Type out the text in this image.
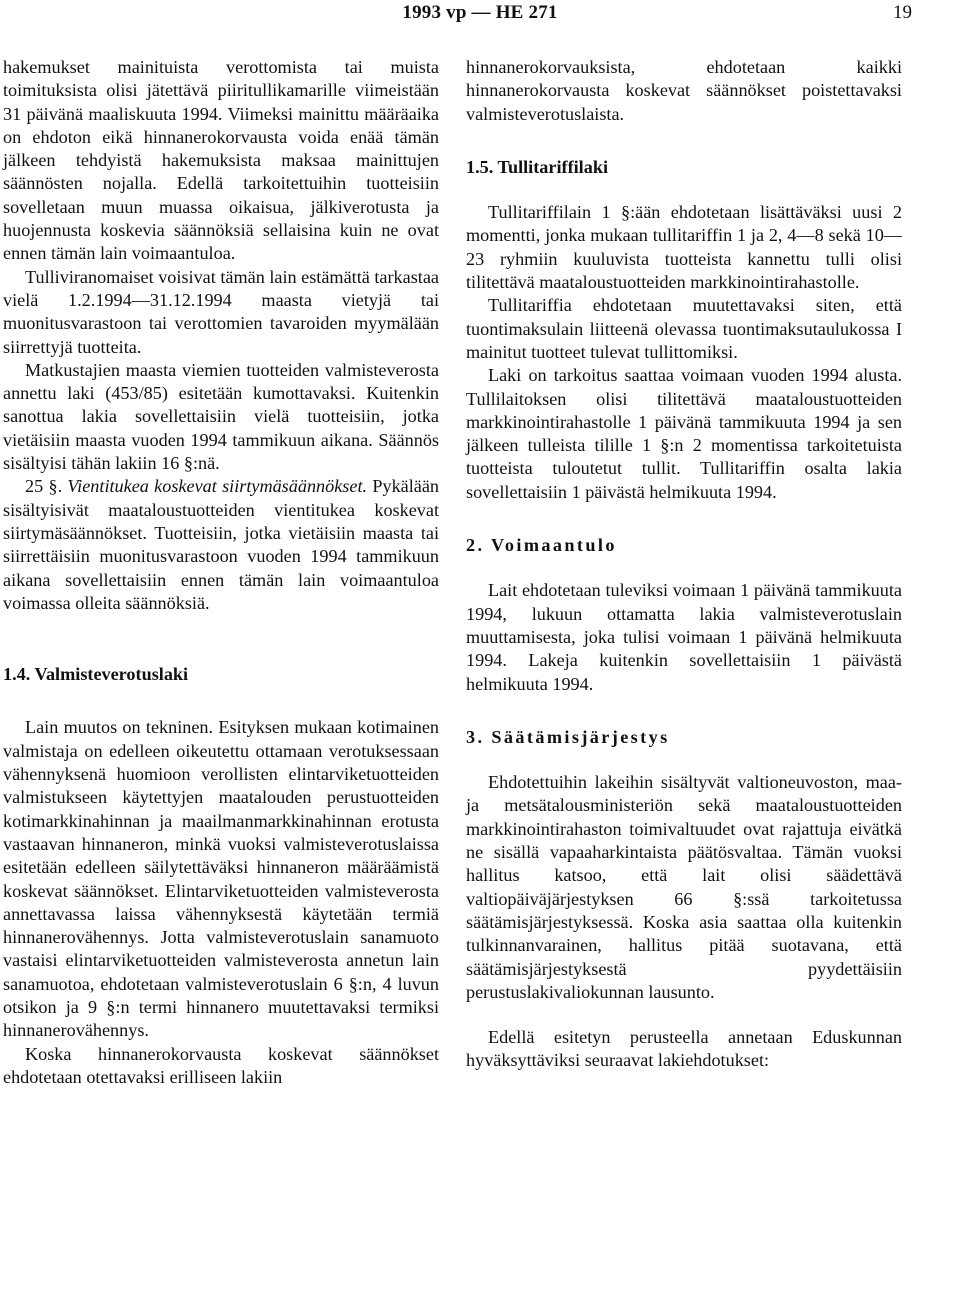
1993 vp — HE 271	19

hakemukset mainituista verottomista tai muista toimituksista olisi jätettävä piiritullikamarille viimeistään 31 päivänä maaliskuuta 1994. Viimeksi mainittu määräaika on ehdoton eikä hinnanerokorvausta voida enää tämän jälkeen tehdyistä hakemuksista maksaa mainittujen säännösten nojalla. Edellä tarkoitettuihin tuotteisiin sovelletaan muun muassa oikaisua, jälkiverotusta ja huojennusta koskevia säännöksiä sellaisina kuin ne ovat ennen tämän lain voimaantuloa.

Tulliviranomaiset voisivat tämän lain estämättä tarkastaa vielä 1.2.1994—31.12.1994 maasta vietyjä tai muonitusvarastoon tai verottomien tavaroiden myymälään siirrettyjä tuotteita.

Matkustajien maasta viemien tuotteiden valmisteverosta annettu laki (453/85) esitetään kumottavaksi. Kuitenkin sanottua lakia sovellettaisiin vielä tuotteisiin, jotka vietäisiin maasta vuoden 1994 tammikuun aikana. Säännös sisältyisi tähän lakiin 16 §:nä.

25 §. Vientitukea koskevat siirtymäsäännökset. Pykälään sisältyisivät maataloustuotteiden vientitukea koskevat siirtymäsäännökset. Tuotteisiin, jotka vietäisiin maasta tai siirrettäisiin muonitusvarastoon vuoden 1994 tammikuun aikana sovellettaisiin ennen tämän lain voimaantuloa voimassa olleita säännöksiä.

1.4. Valmisteverotuslaki

Lain muutos on tekninen. Esityksen mukaan kotimainen valmistaja on edelleen oikeutettu ottamaan verotuksessaan vähennyksenä huomioon verollisten elintarviketuotteiden valmistukseen käytettyjen maatalouden perustuotteiden kotimarkkinahinnan ja maailmanmarkkinahinnan erotusta vastaavan hinnaneron, minkä vuoksi valmisteverotuslaissa esitetään edelleen säilytettäväksi hinnaneron määräämistä koskevat säännökset. Elintarviketuotteiden valmisteverosta annettavassa laissa vähennyksestä käytetään termiä hinnanerovähennys. Jotta valmisteverotuslain sanamuoto vastaisi elintarviketuotteiden valmisteverosta annetun lain sanamuotoa, ehdotetaan valmisteverotuslain 6 §:n, 4 luvun otsikon ja 9 §:n termi hinnanero muutettavaksi termiksi hinnanerovähennys.

Koska hinnanerokorvausta koskevat säännökset ehdotetaan otettavaksi erilliseen lakiin

hinnanerokorvauksista, ehdotetaan kaikki hinnanerokorvausta koskevat säännökset poistettavaksi valmisteverotuslaista.

1.5. Tullitariffilaki

Tullitariffilain 1 §:ään ehdotetaan lisättäväksi uusi 2 momentti, jonka mukaan tullitariffin 1 ja 2, 4—8 sekä 10—23 ryhmiin kuuluvista tuotteista kannettu tulli olisi tilitettävä maataloustuotteiden markkinointirahastolle.

Tullitariffia ehdotetaan muutettavaksi siten, että tuontimaksulain liitteenä olevassa tuontimaksutaulukossa I mainitut tuotteet tulevat tullittomiksi.

Laki on tarkoitus saattaa voimaan vuoden 1994 alusta. Tullilaitoksen olisi tilitettävä maataloustuotteiden markkinointirahastolle 1 päivänä tammikuuta 1994 ja sen jälkeen tulleista tilille 1 §:n 2 momentissa tarkoitetuista tuotteista tuloutetut tullit. Tullitariffin osalta lakia sovellettaisiin 1 päivästä helmikuuta 1994.

2. Voimaantulo

Lait ehdotetaan tuleviksi voimaan 1 päivänä tammikuuta 1994, lukuun ottamatta lakia valmisteverotuslain muuttamisesta, joka tulisi voimaan 1 päivänä helmikuuta 1994. Lakeja kuitenkin sovellettaisiin 1 päivästä helmikuuta 1994.

3. Säätämisjärjestys

Ehdotettuihin lakeihin sisältyvät valtioneuvoston, maa- ja metsätalousministeriön sekä maataloustuotteiden markkinointirahaston toimivaltuudet ovat rajattuja eivätkä ne sisällä vapaaharkintaista päätösvaltaa. Tämän vuoksi hallitus katsoo, että lait olisi säädettävä valtiopäiväjärjestyksen 66 §:ssä tarkoitetussa säätämisjärjestyksessä. Koska asia saattaa olla kuitenkin tulkinnanvarainen, hallitus pitää suotavana, että säätämisjärjestyksestä pyydettäisiin perustuslakivaliokunnan lausunto.

Edellä esitetyn perusteella annetaan Eduskunnan hyväksyttäviksi seuraavat lakiehdotukset:
